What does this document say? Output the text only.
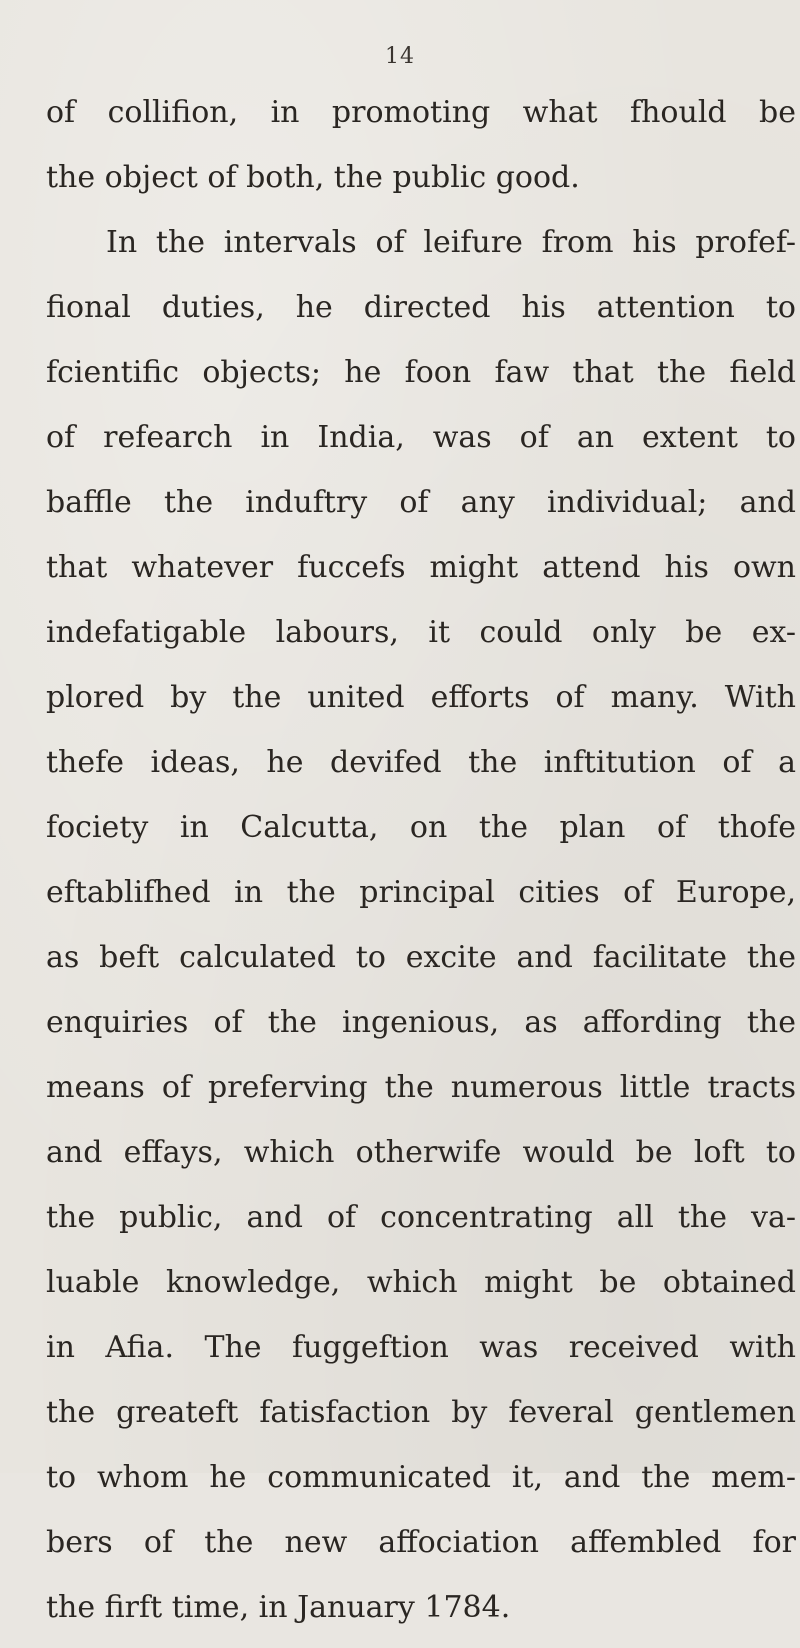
14
of collifion, in promoting what fhould be
the object of both, the public good.
In the intervals of leifure from his profef-
fional duties, he directed his attention to
fcientific objects; he foon faw that the field
of refearch in India, was of an extent to
baffle the induftry of any individual; and
that whatever fuccefs might attend his own
indefatigable labours, it could only be ex-
plored by the united efforts of many. With
thefe ideas, he devifed the inftitution of a
fociety in Calcutta, on the plan of thofe
eftablifhed in the principal cities of Europe,
as beft calculated to excite and facilitate the
enquiries of the ingenious, as affording the
means of preferving the numerous little tracts
and effays, which otherwife would be loft to
the public, and of concentrating all the va-
luable knowledge, which might be obtained
in Afia. The fuggeftion was received with
the greateft fatisfaction by feveral gentlemen
to whom he communicated it, and the mem-
bers of the new affociation affembled for
the firft time, in January 1784.
